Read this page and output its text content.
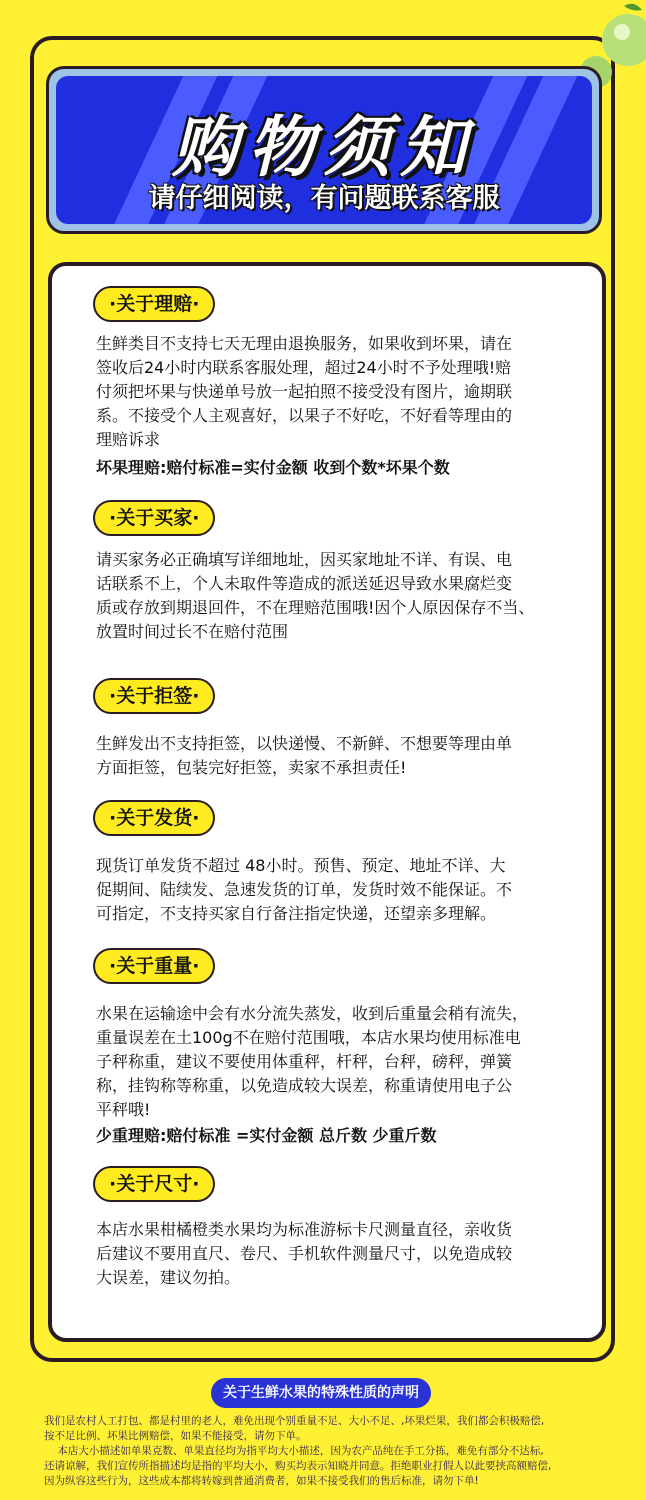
购物须知
请仔细阅读，有问题联系客服
·关于理赔·
生鲜类目不支持七天无理由退换服务，如果收到坏果，请在
签收后24小时内联系客服处理，超过24小时不予处理哦!赔
付须把坏果与快递单号放一起拍照不接受没有图片，逾期联
系。不接受个人主观喜好，以果子不好吃，不好看等理由的
理赔诉求
坏果理赔:赔付标准=实付金额 收到个数*坏果个数
·关于买家·
请买家务必正确填写详细地址，因买家地址不详、有误、电
话联系不上，个人未取件等造成的派送延迟导致水果腐烂变
质或存放到期退回件，不在理赔范围哦!因个人原因保存不当、
放置时间过长不在赔付范围
·关于拒签·
生鲜发出不支持拒签，以快递慢、不新鲜、不想要等理由单
方面拒签，包装完好拒签，卖家不承担责任!
·关于发货·
现货订单发货不超过 48小时。预售、预定、地址不详、大
促期间、陆续发、急速发货的订单，发货时效不能保证。不
可指定，不支持买家自行备注指定快递，还望亲多理解。
·关于重量·
水果在运输途中会有水分流失蒸发，收到后重量会稍有流失，
重量误差在土100g不在赔付范围哦，本店水果均使用标准电
子秤称重，建议不要使用体重秤，杆秤，台秤，磅秤，弹簧
称，挂钩称等称重，以免造成较大误差，称重请使用电子公
平秤哦!
少重理赔:赔付标准 =实付金额 总斤数 少重斤数
·关于尺寸·
本店水果柑橘橙类水果均为标准游标卡尺测量直径，亲收货
后建议不要用直尺、卷尺、手机软件测量尺寸，以免造成较
大误差，建议勿拍。
关于生鲜水果的特殊性质的声明
我们是农村人工打包、都是村里的老人，难免出现个别重量不足、大小不足、,坏果烂果，我们都会积极赔偿,
按不足比例、坏果比例赔偿，如果不能接受，请勿下单。
本店大小描述如单果克数、单果直径均为指平均大小描述，因为农产品纯在手工分拣，难免有部分不达标,
还请谅解，我们宣传所指描述均是指的平均大小，购买均表示知晓并同意。拒绝职业打假人以此要挟高额赔偿,
因为纵容这些行为，这些成本都将转嫁到普通消费者，如果不接受我们的售后标准，请勿下单!
